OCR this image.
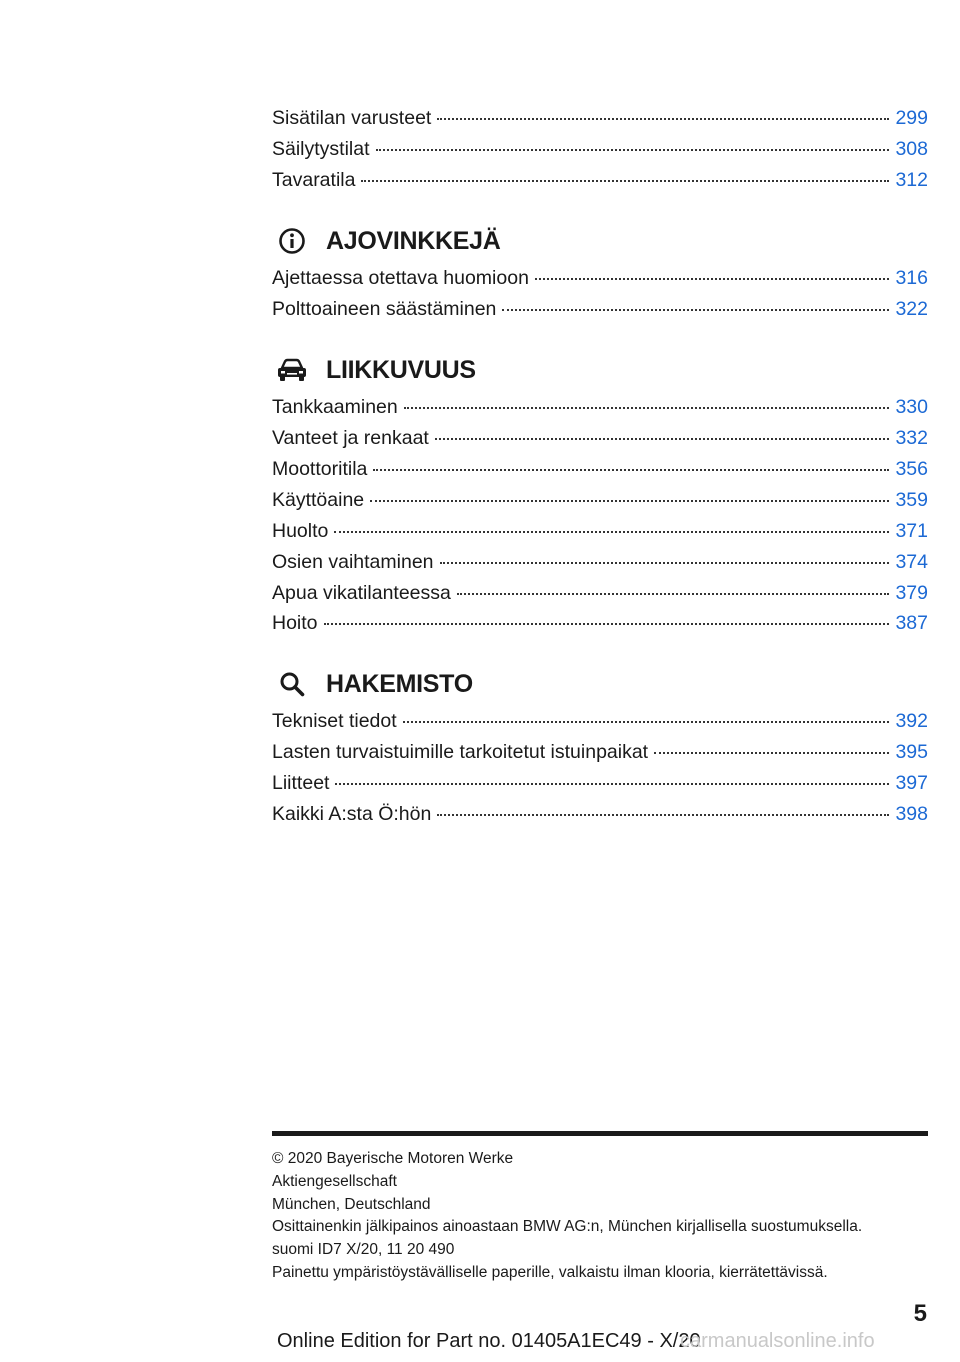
Sisätilan varusteet	299
Säilytystilat	308
Tavaratila	312
AJOVINKKEJÄ
Ajettaessa otettava huomioon	316
Polttoaineen säästäminen	322
LIIKKUVUUS
Tankkaaminen	330
Vanteet ja renkaat	332
Moottoritila	356
Käyttöaine	359
Huolto	371
Osien vaihtaminen	374
Apua vikatilanteessa	379
Hoito	387
HAKEMISTO
Tekniset tiedot	392
Lasten turvaistuimille tarkoitetut istuinpaikat	395
Liitteet	397
Kaikki A:sta Ö:hön	398
© 2020 Bayerische Motoren Werke
Aktiengesellschaft
München, Deutschland
Osittainenkin jälkipainos ainoastaan BMW AG:n, München kirjallisella suostumuksella.
suomi ID7 X/20, 11 20 490
Painettu ympäristöystävälliselle paperille, valkaistu ilman klooria, kierrätettävissä.
5
Online Edition for Part no. 01405A1EC49 - X/20
carmanualsonline.info
